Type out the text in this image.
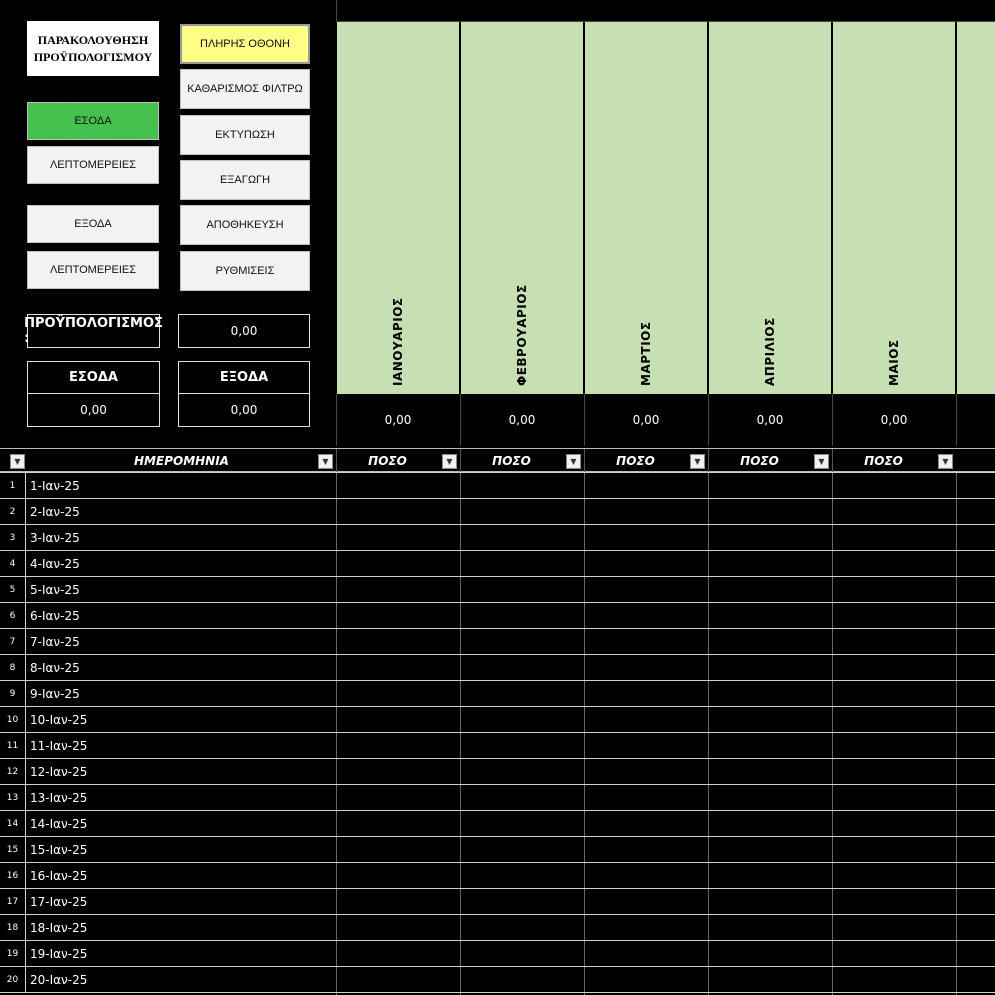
ΠΑΡΑΚΟΛΟΥΘΗΣΗ ΠΡΟΫΠΟΛΟΓΙΣΜΟΥ
ΠΛΗΡΗΣ ΟΘΟΝΗ
ΚΑΘΑΡΙΣΜΟΣ ΦΙΛΤΡΩ
ΕΚΤΥΠΩΣΗ
ΕΞΑΓΩΓΗ
ΑΠΟΘΗΚΕΥΣΗ
ΡΥΘΜΙΣΕΙΣ
ΕΣΟΔΑ
ΛΕΠΤΟΜΕΡΕΙΕΣ
ΕΞΟΔΑ
ΛΕΠΤΟΜΕΡΕΙΕΣ
ΠΡΟΫΠΟΛΟΓΙΣΜΟΣ :	0,00
ΕΣΟΔΑ
0,00
ΕΞΟΔΑ
0,00
ΙΑΝΟΥΑΡΙΟΣ	ΦΕΒΡΟΥΑΡΙΟΣ	ΜΑΡΤΙΟΣ	ΑΠΡΙΛΙΟΣ	ΜΑΙΟΣ
0,00	0,00	0,00	0,00	0,00
▼	ΗΜΕΡΟΜΗΝΙΑ	▼	ΠΟΣΟ	▼	ΠΟΣΟ	▼	ΠΟΣΟ	▼	ΠΟΣΟ	▼	ΠΟΣΟ	▼
1	1-Ιαν-25
2	2-Ιαν-25
3	3-Ιαν-25
4	4-Ιαν-25
5	5-Ιαν-25
6	6-Ιαν-25
7	7-Ιαν-25
8	8-Ιαν-25
9	9-Ιαν-25
10 10-Ιαν-25
11 11-Ιαν-25
12 12-Ιαν-25
13 13-Ιαν-25
14 14-Ιαν-25
15 15-Ιαν-25
16 16-Ιαν-25
17 17-Ιαν-25
18 18-Ιαν-25
19 19-Ιαν-25
20 20-Ιαν-25
